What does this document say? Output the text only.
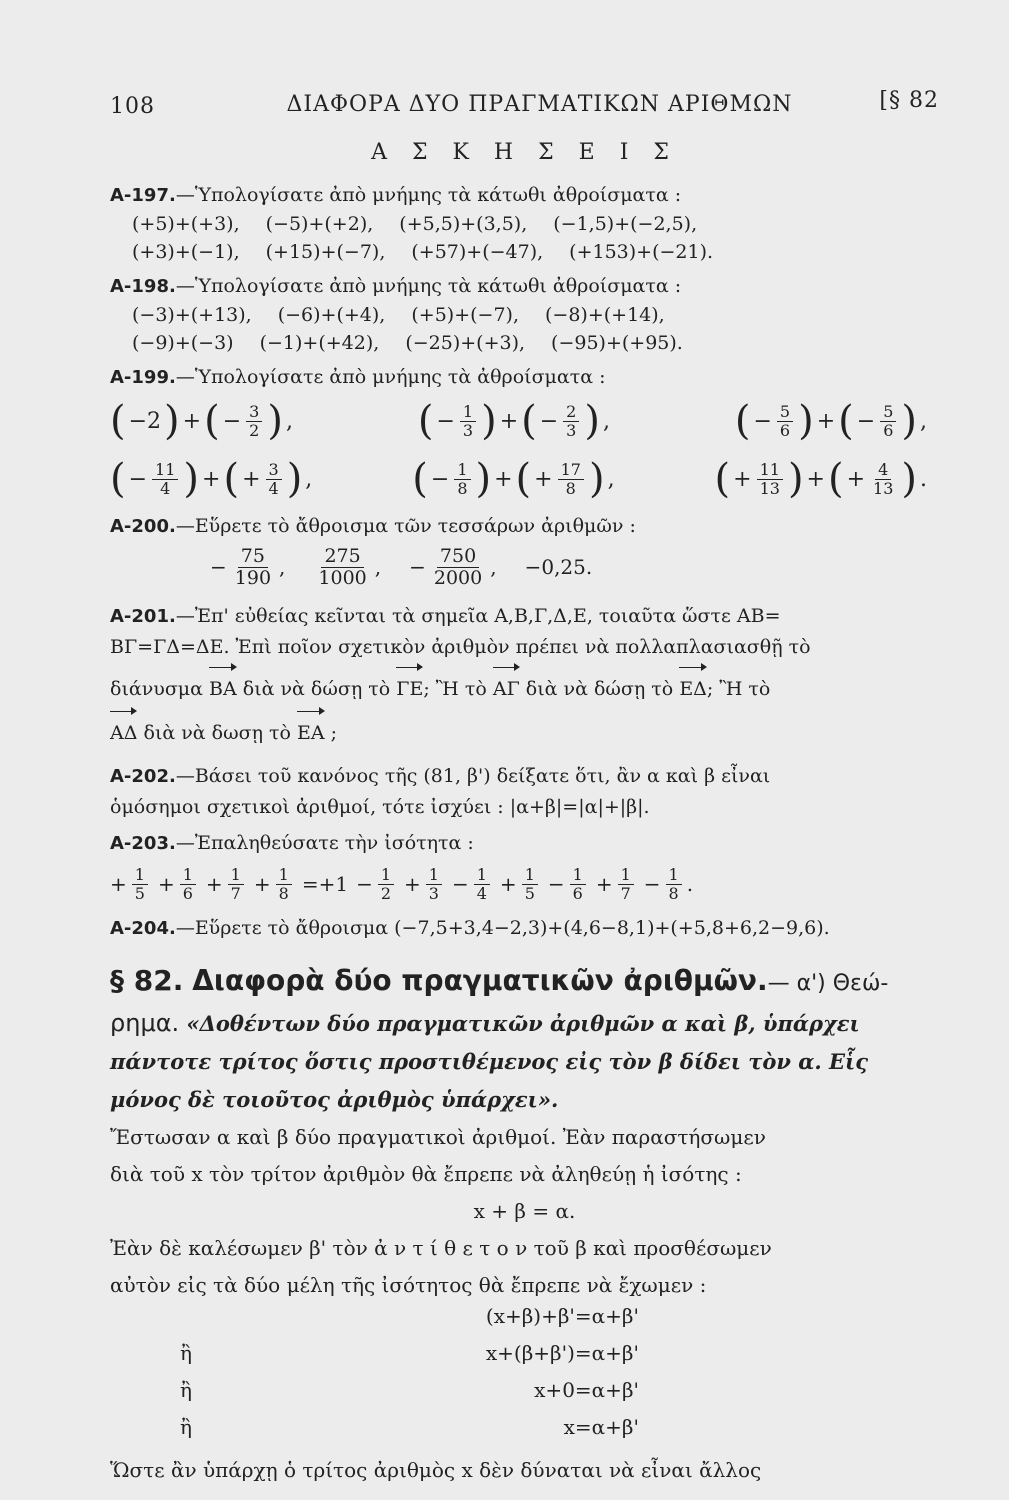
108	ΔΙΑΦΟΡΑ ΔΥΟ ΠΡΑΓΜΑΤΙΚΩΝ ΑΡΙΘΜΩΝ	[§ 82
Α Σ Κ Η Σ Ε Ι Σ
Α-197.—Ὑπολογίσατε ἀπὸ μνήμης τὰ κάτωθι ἀθροίσματα :
(+5)+(+3), (−5)+(+2), (+5,5)+(3,5), (−1,5)+(−2,5),
(+3)+(−1), (+15)+(−7), (+57)+(−47), (+153)+(−21).
Α-198.—Ὑπολογίσατε ἀπὸ μνήμης τὰ κάτωθι ἀθροίσματα :
(−3)+(+13), (−6)+(+4), (+5)+(−7), (−8)+(+14),
(−9)+(−3) (−1)+(+42), (−25)+(+3), (−95)+(+95).
Α-199.—Ὑπολογίσατε ἀπὸ μνήμης τὰ ἀθροίσματα :
( −2 ) + ( − $\frac{3}{2}$ ) ,	( − $\frac{1}{3}$ ) + ( − $\frac{2}{3}$ ) ,	( − $\frac{5}{6}$ ) + ( − $\frac{5}{6}$ ) ,
( − $\frac{11}{4}$ ) + ( + $\frac{3}{4}$ ) , ( − $\frac{1}{8}$ ) + ( + $\frac{17}{8}$ ) , ( + $\frac{11}{13}$ ) + ( + $\frac{4}{13}$ ) .
Α-200.—Εὕρετε τὸ ἄθροισμα τῶν τεσσάρων ἀριθμῶν :
− $\frac{75}{190}$ , $\frac{275}{1000}$ , − $\frac{750}{2000}$ , −0,25.
Α-201.—Ἐπ' εὐθείας κεῖνται τὰ σημεῖα Α,Β,Γ,Δ,Ε, τοιαῦτα ὥστε ΑΒ=
ΒΓ=ΓΔ=ΔΕ. Ἐπὶ ποῖον σχετικὸν ἀριθμὸν πρέπει νὰ πολλαπλασιασθῇ τὸ
διάνυσμα ΒΑ διὰ νὰ δώσῃ τὸ ΓΕ; Ἢ τὸ ΑΓ διὰ νὰ δώσῃ τὸ ΕΔ; Ἢ τὸ
ΑΔ διὰ νὰ δωσῃ τὸ ΕΑ ;
Α-202.—Βάσει τοῦ κανόνος τῆς (81, β') δείξατε ὅτι, ἂν α καὶ β εἶναι
ὁμόσημοι σχετικοὶ ἀριθμοί, τότε ἰσχύει : |α+β|=|α|+|β|.
Α-203.—Ἐπαληθεύσατε τὴν ἰσότητα :
+ $\frac{1}{5} + \frac{1}{6} + \frac{1}{7} + \frac{1}{8} =+1 - \frac{1}{2} + \frac{1}{3} - \frac{1}{4} + \frac{1}{5} - \frac{1}{6} + \frac{1}{7} - \frac{1}{8}$ .
Α-204.—Εὕρετε τὸ ἄθροισμα (−7,5+3,4−2,3)+(4,6−8,1)+(+5,8+6,2−9,6).
§ 82. Διαφορὰ δύο πραγματικῶν ἀριθμῶν.— α') Θεώ-
ρημα. «Δοθέντων δύο πραγματικῶν ἀριθμῶν α καὶ β, ὑπάρχει
πάντοτε τρίτος ὅστις προστιθέμενος εἰς τὸν β δίδει τὸν α. Εἷς
μόνος δὲ τοιοῦτος ἀριθμὸς ὑπάρχει».
Ἔστωσαν α καὶ β δύο πραγματικοὶ ἀριθμοί. Ἐὰν παραστήσωμεν
διὰ τοῦ x τὸν τρίτον ἀριθμὸν θὰ ἔπρεπε νὰ ἀληθεύῃ ἡ ἰσότης :
x + β = α.
Ἐὰν δὲ καλέσωμεν β' τὸν ἀ ν τ ί θ ε τ ο ν τοῦ β καὶ προσθέσωμεν
αὐτὸν εἰς τὰ δύο μέλη τῆς ἰσότητος θὰ ἔπρεπε νὰ ἔχωμεν :
(x+β)+β'=α+β'
ἢ	x+(β+β')=α+β'
ἢ	x+0=α+β'
ἢ	x=α+β'
Ὥστε ἂν ὑπάρχῃ ὁ τρίτος ἀριθμὸς x δὲν δύναται νὰ εἶναι ἄλλος
